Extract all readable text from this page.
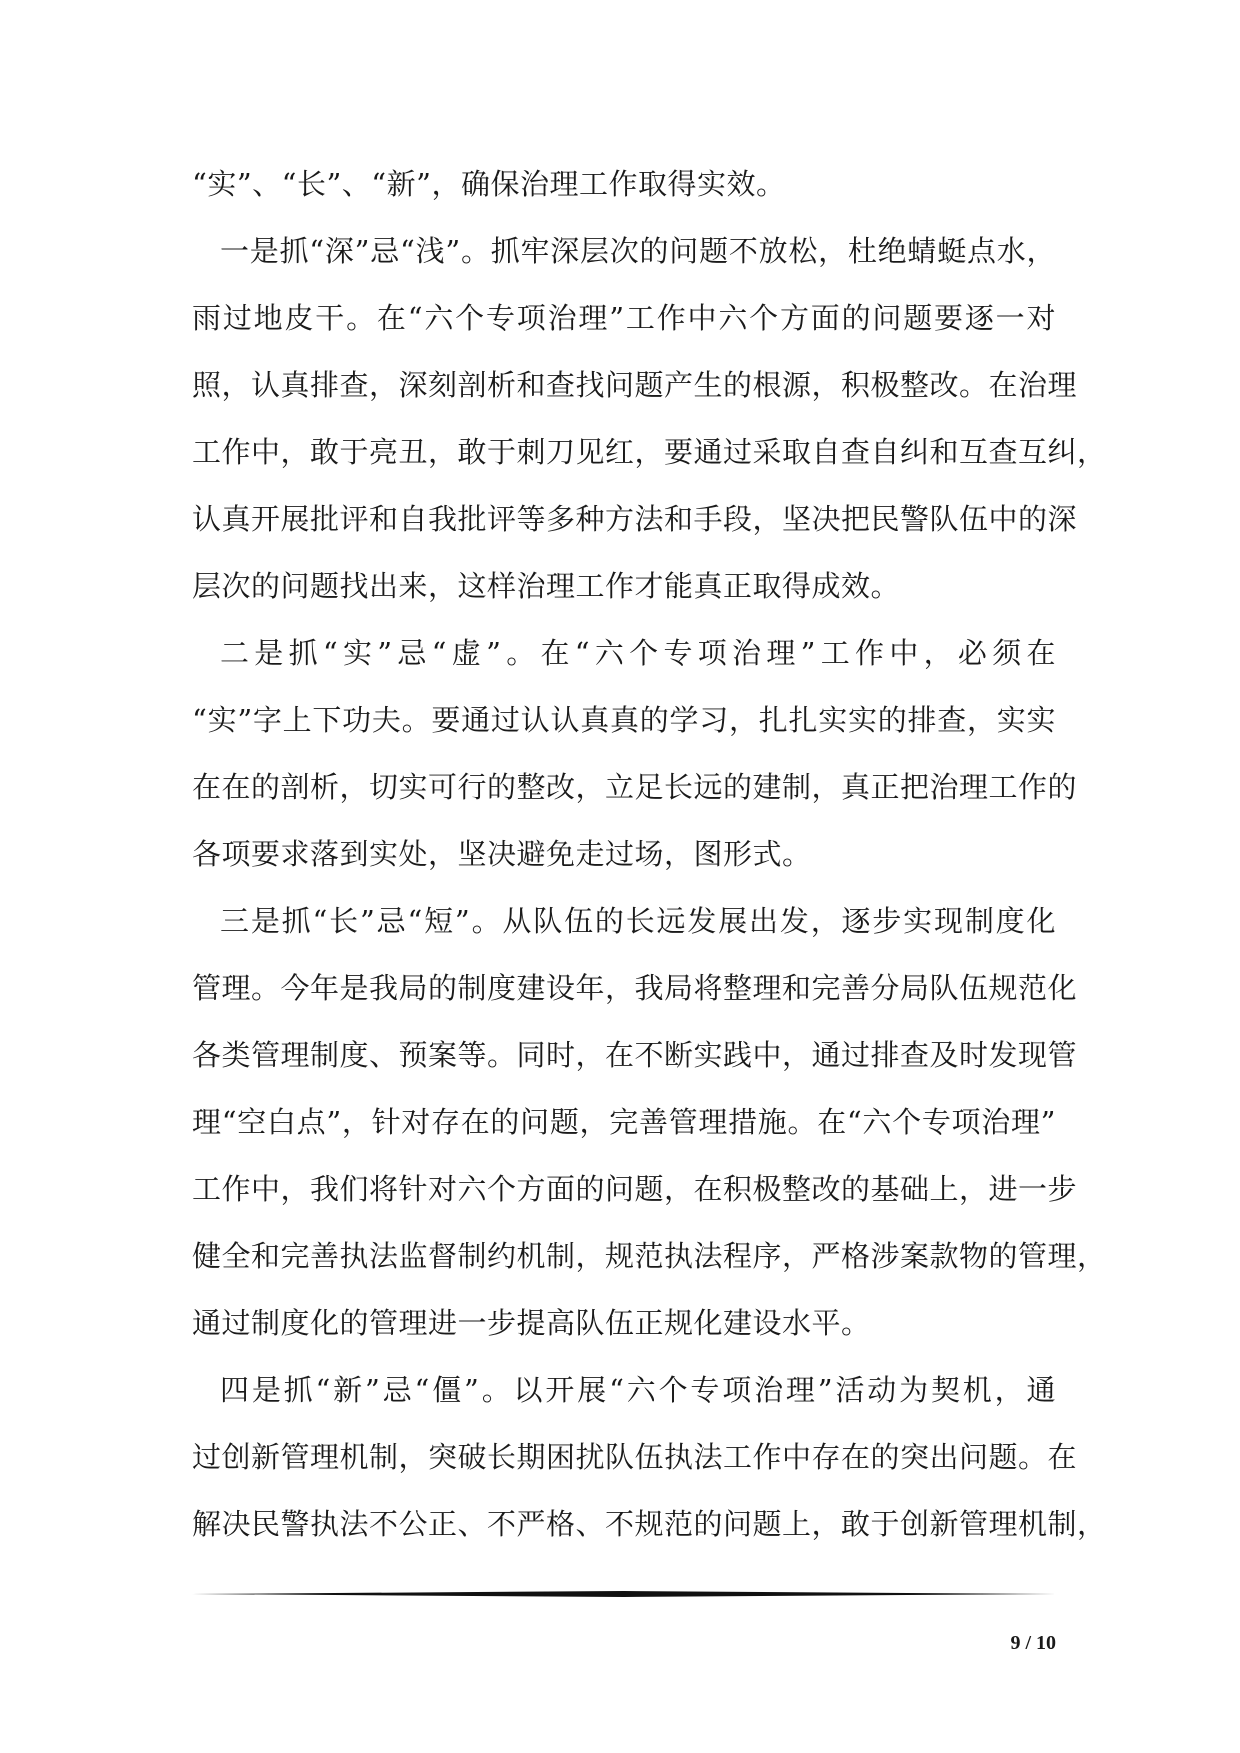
“实”、“长”、“新”，确保治理工作取得实效。
一是抓“深”忌“浅”。抓牢深层次的问题不放松，杜绝蜻蜓点水，
雨过地皮干。在“六个专项治理”工作中六个方面的问题要逐一对
照，认真排查，深刻剖析和查找问题产生的根源，积极整改。在治理
工作中，敢于亮丑，敢于刺刀见红，要通过采取自查自纠和互查互纠，
认真开展批评和自我批评等多种方法和手段，坚决把民警队伍中的深
层次的问题找出来，这样治理工作才能真正取得成效。
二是抓“实”忌“虚”。在“六个专项治理”工作中，必须在
“实”字上下功夫。要通过认认真真的学习，扎扎实实的排查，实实
在在的剖析，切实可行的整改，立足长远的建制，真正把治理工作的
各项要求落到实处，坚决避免走过场，图形式。
三是抓“长”忌“短”。从队伍的长远发展出发，逐步实现制度化
管理。今年是我局的制度建设年，我局将整理和完善分局队伍规范化
各类管理制度、预案等。同时，在不断实践中，通过排查及时发现管
理“空白点”，针对存在的问题，完善管理措施。在“六个专项治理”
工作中，我们将针对六个方面的问题，在积极整改的基础上，进一步
健全和完善执法监督制约机制，规范执法程序，严格涉案款物的管理，
通过制度化的管理进一步提高队伍正规化建设水平。
四是抓“新”忌“僵”。以开展“六个专项治理”活动为契机，通
过创新管理机制，突破长期困扰队伍执法工作中存在的突出问题。在
解决民警执法不公正、不严格、不规范的问题上，敢于创新管理机制，
9 / 10
